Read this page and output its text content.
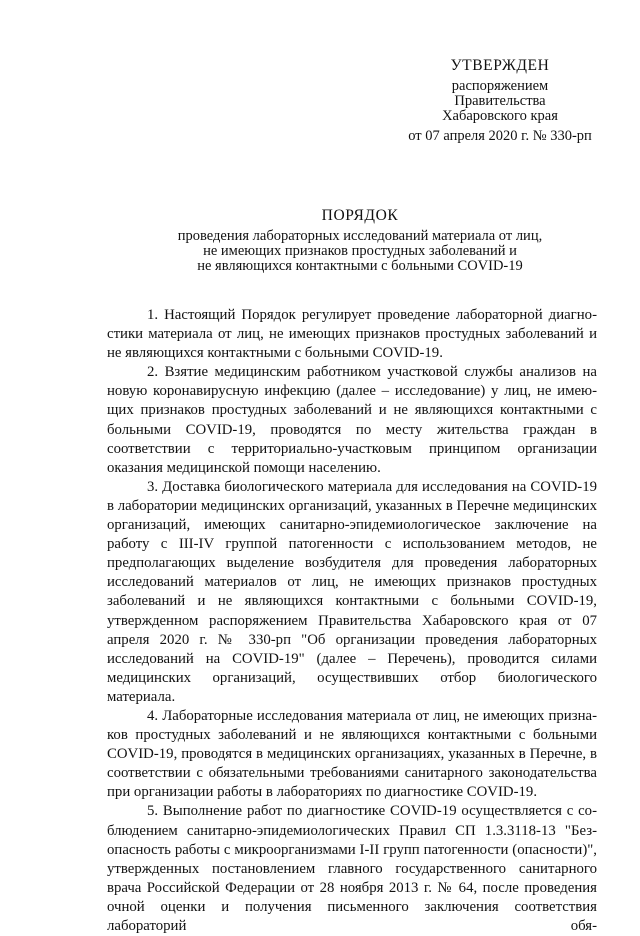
УТВЕРЖДЕН
распоряжением
Правительства
Хабаровского края
от 07 апреля 2020 г. № 330-рп
ПОРЯДОК
проведения лабораторных исследований материала от лиц,
не имеющих признаков простудных заболеваний и
не являющихся контактными с больными COVID-19

1. Настоящий Порядок регулирует проведение лабораторной диагностики материала от лиц, не имеющих признаков простудных заболеваний и не являющихся контактными с больными COVID-19.

2. Взятие медицинским работником участковой службы анализов на новую коронавирусную инфекцию (далее – исследование) у лиц, не имеющих признаков простудных заболеваний и не являющихся контактными с больными COVID-19, проводятся по месту жительства граждан в соответствии с территориально-участковым принципом организации оказания медицинской помощи населению.

3. Доставка биологического материала для исследования на COVID-19 в лаборатории медицинских организаций, указанных в Перечне медицинских организаций, имеющих санитарно-эпидемиологическое заключение на работу с III-IV группой патогенности с использованием методов, не предполагающих выделение возбудителя для проведения лабораторных исследований материалов от лиц, не имеющих признаков простудных заболеваний и не являющихся контактными с больными COVID-19, утвержденном распоряжением Правительства Хабаровского края от 07 апреля 2020 г. № 330-рп "Об организации проведения лабораторных исследований на COVID-19" (далее – Перечень), проводится силами медицинских организаций, осуществивших отбор биологического материала.

4. Лабораторные исследования материала от лиц, не имеющих признаков простудных заболеваний и не являющихся контактными с больными COVID-19, проводятся в медицинских организациях, указанных в Перечне, в соответствии с обязательными требованиями санитарного законодательства при организации работы в лабораториях по диагностике COVID-19.

5. Выполнение работ по диагностике COVID-19 осуществляется с соблюдением санитарно-эпидемиологических Правил СП 1.3.3118-13 "Безопасность работы с микроорганизмами I-II групп патогенности (опасности)", утвержденных постановлением главного государственного санитарного врача Российской Федерации от 28 ноября 2013 г. № 64, после проведения очной оценки и получения письменного заключения соответствия лабораторий обя-
